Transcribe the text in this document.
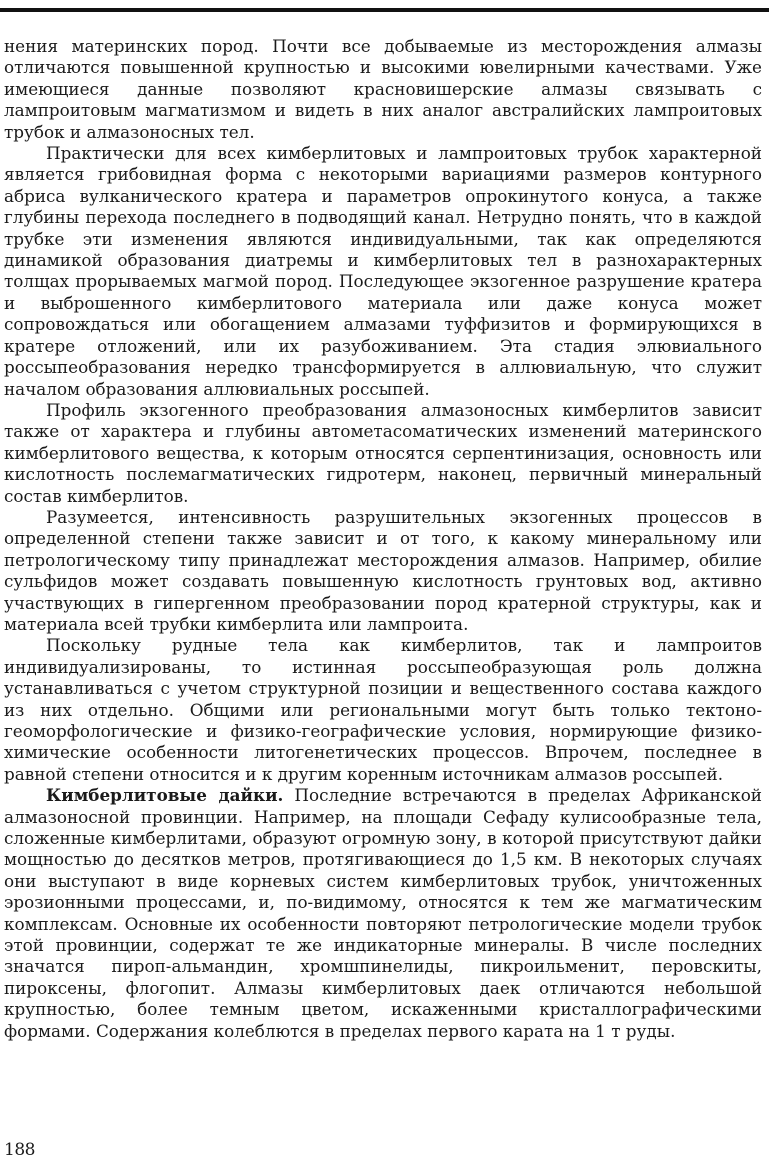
нения материнских пород. Почти все добываемые из месторождения алмазы отличаются повышенной крупностью и высокими ювелирными качествами. Уже имеющиеся данные позволяют красновишерские алмазы связывать с лампроитовым магматизмом и видеть в них аналог австралийских лампроитовых трубок и алмазоносных тел.

Практически для всех кимберлитовых и лампроитовых трубок характерной является грибовидная форма с некоторыми вариациями размеров контурного абриса вулканического кратера и параметров опрокинутого конуса, а также глубины перехода последнего в подводящий канал. Нетрудно понять, что в каждой трубке эти изменения являются индивидуальными, так как определяются динамикой образования диатремы и кимберлитовых тел в разнохарактерных толщах прорываемых магмой пород. Последующее экзогенное разрушение кратера и выброшенного кимберлитового материала или даже конуса может сопровождаться или обогащением алмазами туффизитов и формирующихся в кратере отложений, или их разубоживанием. Эта стадия элювиального россыпеобразования нередко трансформируется в аллювиальную, что служит началом образования аллювиальных россыпей.

Профиль экзогенного преобразования алмазоносных кимберлитов зависит также от характера и глубины автометасоматических изменений материнского кимберлитового вещества, к которым относятся серпентинизация, основность или кислотность послемагматических гидротерм, наконец, первичный минеральный состав кимберлитов.

Разумеется, интенсивность разрушительных экзогенных процессов в определенной степени также зависит и от того, к какому минеральному или петрологическому типу принадлежат месторождения алмазов. Например, обилие сульфидов может создавать повышенную кислотность грунтовых вод, активно участвующих в гипергенном преобразовании пород кратерной структуры, как и материала всей трубки кимберлита или лампроита.

Поскольку рудные тела как кимберлитов, так и лампроитов индивидуализированы, то истинная россыпеобразующая роль должна устанавливаться с учетом структурной позиции и вещественного состава каждого из них отдельно. Общими или региональными могут быть только тектоно-геоморфологические и физико-географические условия, нормирующие физико-химические особенности литогенетических процессов. Впрочем, последнее в равной степени относится и к другим коренным источникам алмазов россыпей.

Кимберлитовые дайки. Последние встречаются в пределах Африканской алмазоносной провинции. Например, на площади Сефаду кулисообразные тела, сложенные кимберлитами, образуют огромную зону, в которой присутствуют дайки мощностью до десятков метров, протягивающиеся до 1,5 км. В некоторых случаях они выступают в виде корневых систем кимберлитовых трубок, уничтоженных эрозионными процессами, и, по-видимому, относятся к тем же магматическим комплексам. Основные их особенности повторяют петрологические модели трубок этой провинции, содержат те же индикаторные минералы. В числе последних значатся пироп-альмандин, хромшпинелиды, пикроильменит, перовскиты, пироксены, флогопит. Алмазы кимберлитовых даек отличаются небольшой крупностью, более темным цветом, искаженными кристаллографическими формами. Содержания колеблются в пределах первого карата на 1 т руды.

188
